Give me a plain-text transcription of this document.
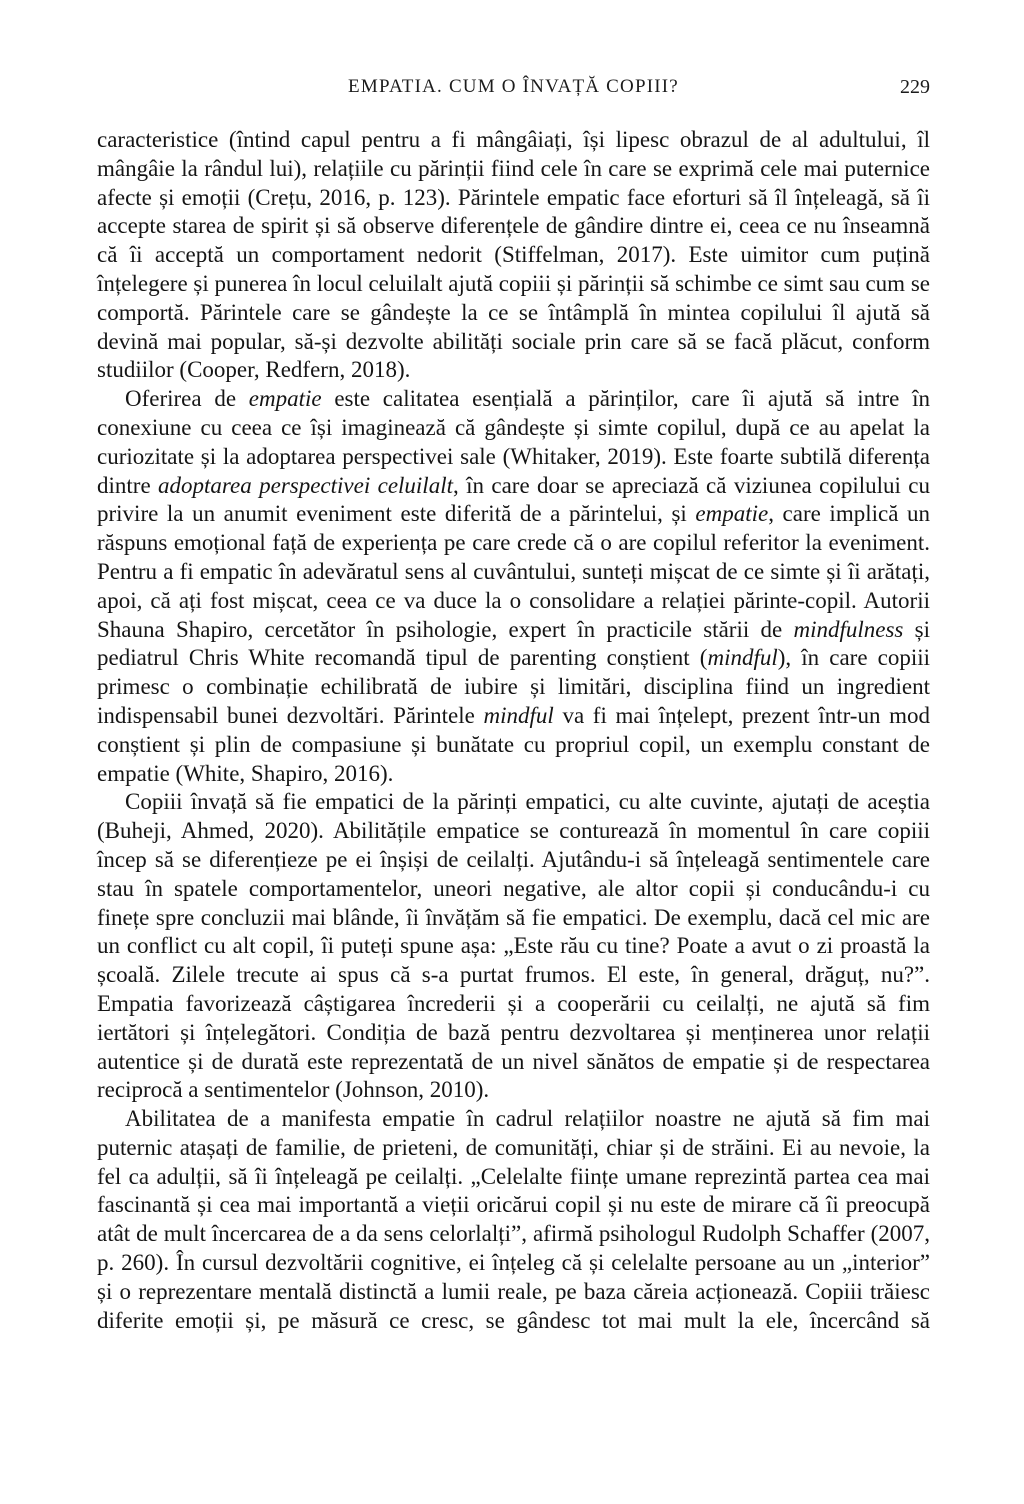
EMPATIA. CUM O ÎNVAȚĂ COPIII?	229

caracteristice (întind capul pentru a fi mângâiați, își lipesc obrazul de al adultului, îl mângâie la rândul lui), relațiile cu părinții fiind cele în care se exprimă cele mai puternice afecte și emoții (Crețu, 2016, p. 123). Părintele empatic face eforturi să îl înțeleagă, să îi accepte starea de spirit și să observe diferențele de gândire dintre ei, ceea ce nu înseamnă că îi acceptă un comportament nedorit (Stiffelman, 2017). Este uimitor cum puțină înțelegere și punerea în locul celuilalt ajută copiii și părinții să schimbe ce simt sau cum se comportă. Părintele care se gândește la ce se întâmplă în mintea copilului îl ajută să devină mai popular, să-și dezvolte abilități sociale prin care să se facă plăcut, conform studiilor (Cooper, Redfern, 2018).

Oferirea de empatie este calitatea esențială a părinților, care îi ajută să intre în conexiune cu ceea ce își imaginează că gândește și simte copilul, după ce au apelat la curiozitate și la adoptarea perspectivei sale (Whitaker, 2019). Este foarte subtilă diferența dintre adoptarea perspectivei celuilalt, în care doar se apreciază că viziunea copilului cu privire la un anumit eveniment este diferită de a părintelui, și empatie, care implică un răspuns emoțional față de experiența pe care crede că o are copilul referitor la eveniment. Pentru a fi empatic în adevăratul sens al cuvântului, sunteți mișcat de ce simte și îi arătați, apoi, că ați fost mișcat, ceea ce va duce la o consolidare a relației părinte-copil. Autorii Shauna Shapiro, cercetător în psihologie, expert în practicile stării de mindfulness și pediatrul Chris White recomandă tipul de parenting conștient (mindful), în care copiii primesc o combinație echilibrată de iubire și limitări, disciplina fiind un ingredient indispensabil bunei dezvoltări. Părintele mindful va fi mai înțelept, prezent într-un mod conștient și plin de compasiune și bunătate cu propriul copil, un exemplu constant de empatie (White, Shapiro, 2016).

Copiii învață să fie empatici de la părinți empatici, cu alte cuvinte, ajutați de aceștia (Buheji, Ahmed, 2020). Abilitățile empatice se conturează în momentul în care copiii încep să se diferențieze pe ei înșiși de ceilalți. Ajutându-i să înțeleagă sentimentele care stau în spatele comportamentelor, uneori negative, ale altor copii și conducându-i cu finețe spre concluzii mai blânde, îi învățăm să fie empatici. De exemplu, dacă cel mic are un conflict cu alt copil, îi puteți spune așa: „Este rău cu tine? Poate a avut o zi proastă la școală. Zilele trecute ai spus că s-a purtat frumos. El este, în general, drăguț, nu?”. Empatia favorizează câștigarea încrederii și a cooperării cu ceilalți, ne ajută să fim iertători și înțelegători. Condiția de bază pentru dezvoltarea și menținerea unor relații autentice și de durată este reprezentată de un nivel sănătos de empatie și de respectarea reciprocă a sentimentelor (Johnson, 2010).

Abilitatea de a manifesta empatie în cadrul relațiilor noastre ne ajută să fim mai puternic atașați de familie, de prieteni, de comunități, chiar și de străini. Ei au nevoie, la fel ca adulții, să îi înțeleagă pe ceilalți. „Celelalte ființe umane reprezintă partea cea mai fascinantă și cea mai importantă a vieții oricărui copil și nu este de mirare că îi preocupă atât de mult încercarea de a da sens celorlalți”, afirmă psihologul Rudolph Schaffer (2007, p. 260). În cursul dezvoltării cognitive, ei înțeleg că și celelalte persoane au un „interior” și o reprezentare mentală distinctă a lumii reale, pe baza căreia acționează. Copiii trăiesc diferite emoții și, pe măsură ce cresc, se gândesc tot mai mult la ele, încercând să
